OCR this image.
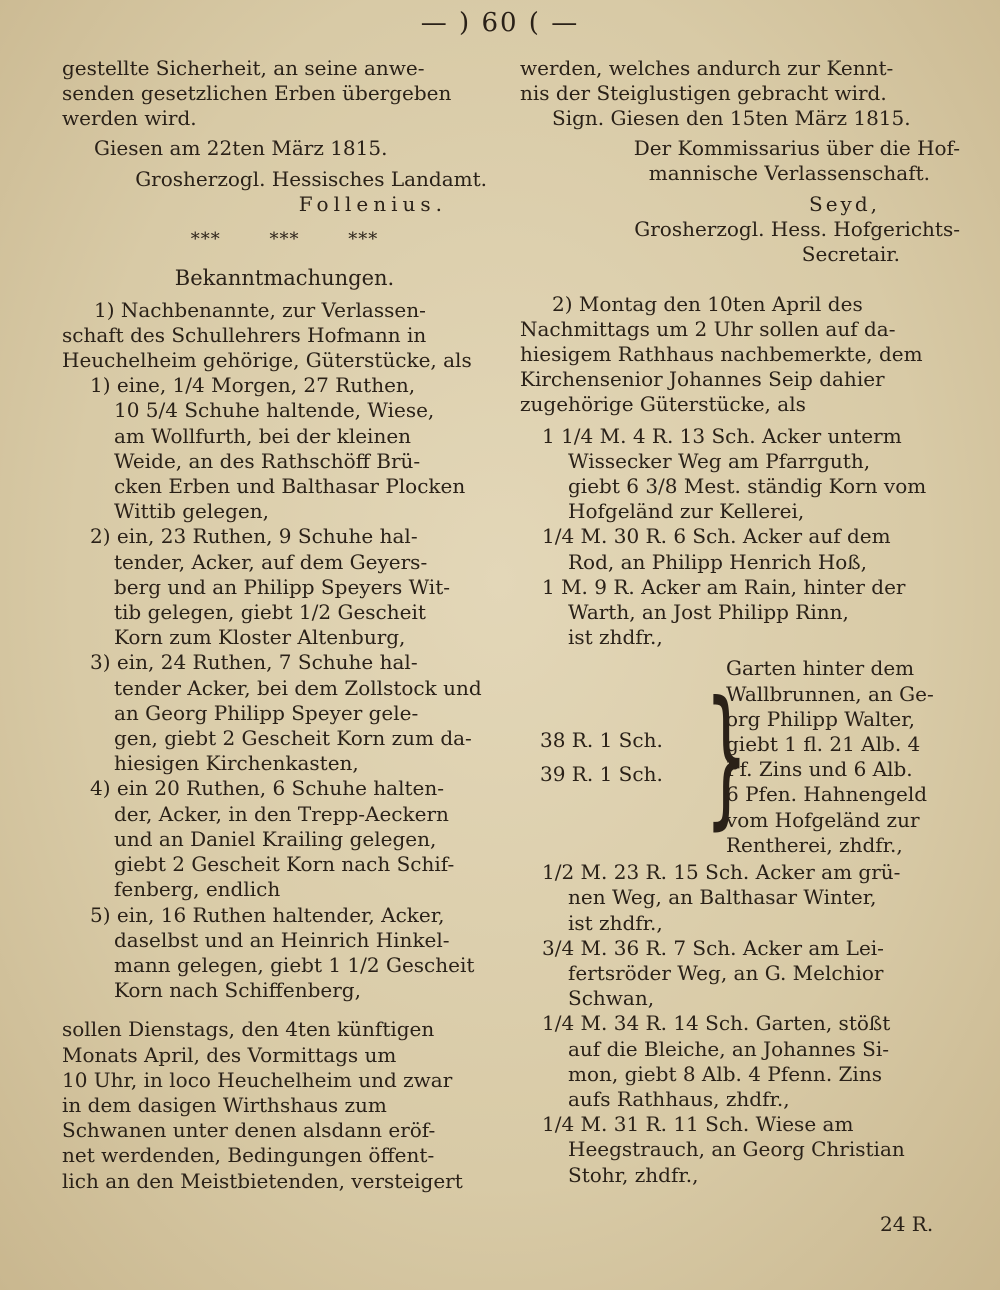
— ) 60 ( —
gestellte Sicherheit, an seine anwe-
senden gesetzlichen Erben übergeben
werden wird.
Giesen am 22ten März 1815.
Grosherzogl. Hessisches Landamt.
Follenius.
*** *** ***
Bekanntmachungen.
1) Nachbenannte, zur Verlassen-
schaft des Schullehrers Hofmann in
Heuchelheim gehörige, Güterstücke, als
1) eine, 1/4 Morgen, 27 Ruthen,
10 5/4 Schuhe haltende, Wiese,
am Wollfurth, bei der kleinen
Weide, an des Rathschöff Brü-
cken Erben und Balthasar Plocken
Wittib gelegen,
2) ein, 23 Ruthen, 9 Schuhe hal-
tender, Acker, auf dem Geyers-
berg und an Philipp Speyers Wit-
tib gelegen, giebt 1/2 Gescheit
Korn zum Kloster Altenburg,
3) ein, 24 Ruthen, 7 Schuhe hal-
tender Acker, bei dem Zollstock und
an Georg Philipp Speyer gele-
gen, giebt 2 Gescheit Korn zum da-
hiesigen Kirchenkasten,
4) ein 20 Ruthen, 6 Schuhe halten-
der, Acker, in den Trepp-Aeckern
und an Daniel Krailing gelegen,
giebt 2 Gescheit Korn nach Schif-
fenberg, endlich
5) ein, 16 Ruthen haltender, Acker,
daselbst und an Heinrich Hinkel-
mann gelegen, giebt 1 1/2 Gescheit
Korn nach Schiffenberg,
sollen Dienstags, den 4ten künftigen
Monats April, des Vormittags um
10 Uhr, in loco Heuchelheim und zwar
in dem dasigen Wirthshaus zum
Schwanen unter denen alsdann eröf-
net werdenden, Bedingungen öffent-
lich an den Meistbietenden, versteigert
werden, welches andurch zur Kennt-
nis der Steiglustigen gebracht wird.
Sign. Giesen den 15ten März 1815.
Der Kommissarius über die Hof-
mannische Verlassenschaft.
Seyd,
Grosherzogl. Hess. Hofgerichts-
Secretair.
2) Montag den 10ten April des
Nachmittags um 2 Uhr sollen auf da-
hiesigem Rathhaus nachbemerkte, dem
Kirchensenior Johannes Seip dahier
zugehörige Güterstücke, als
1 1/4 M. 4 R. 13 Sch. Acker unterm
Wissecker Weg am Pfarrguth,
giebt 6 3/8 Mest. ständig Korn vom
Hofgeländ zur Kellerei,
1/4 M. 30 R. 6 Sch. Acker auf dem
Rod, an Philipp Henrich Hoß,
1 M. 9 R. Acker am Rain, hinter der
Warth, an Jost Philipp Rinn,
ist zhdfr.,
38 R. 1 Sch.
39 R. 1 Sch. }
Garten hinter dem
Wallbrunnen, an Ge-
org Philipp Walter,
giebt 1 fl. 21 Alb. 4
Pf. Zins und 6 Alb.
6 Pfen. Hahnengeld
vom Hofgeländ zur
Rentherei, zhdfr.,
1/2 M. 23 R. 15 Sch. Acker am grü-
nen Weg, an Balthasar Winter,
ist zhdfr.,
3/4 M. 36 R. 7 Sch. Acker am Lei-
fertsröder Weg, an G. Melchior
Schwan,
1/4 M. 34 R. 14 Sch. Garten, stößt
auf die Bleiche, an Johannes Si-
mon, giebt 8 Alb. 4 Pfenn. Zins
aufs Rathhaus, zhdfr.,
1/4 M. 31 R. 11 Sch. Wiese am
Heegstrauch, an Georg Christian
Stohr, zhdfr.,
24 R.
